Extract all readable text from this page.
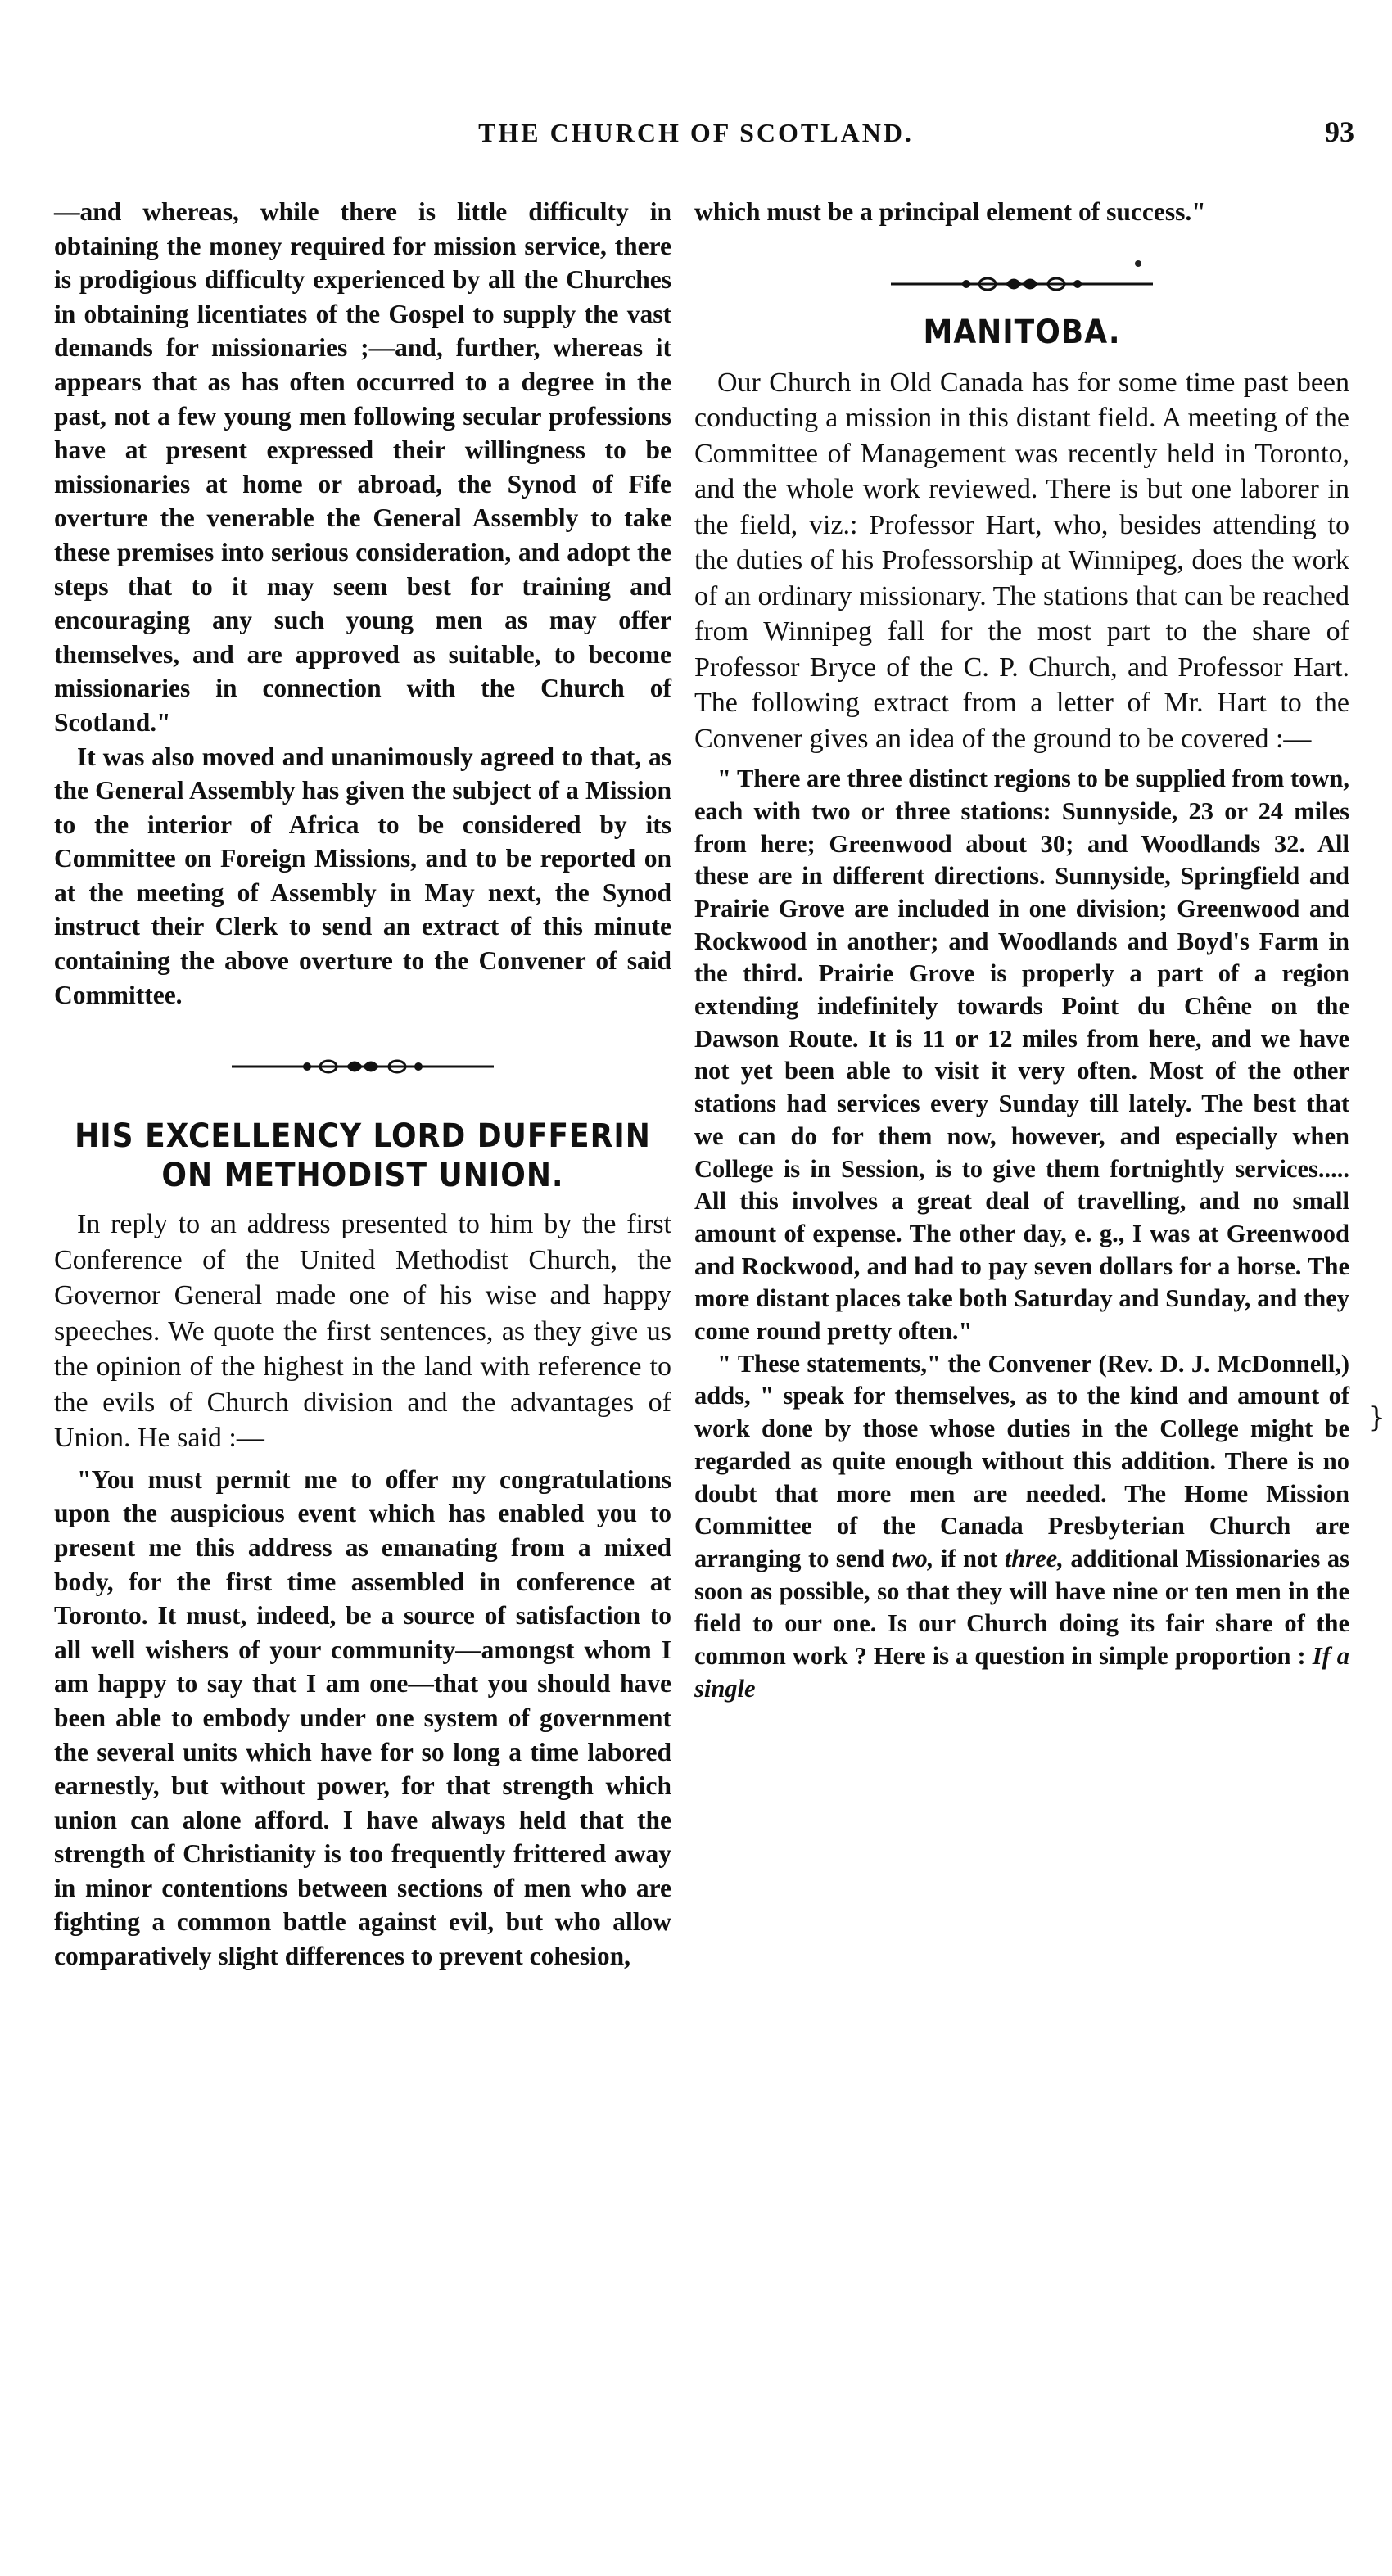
THE CHURCH OF SCOTLAND.	93

—and whereas, while there is little difficulty in obtaining the money required for mission service, there is prodigious difficulty experienced by all the Churches in obtaining licentiates of the Gospel to supply the vast demands for missionaries ;—and, further, whereas it appears that as has often occurred to a degree in the past, not a few young men following secular professions have at present expressed their willingness to be missionaries at home or abroad, the Synod of Fife overture the venerable the General Assembly to take these premises into serious consideration, and adopt the steps that to it may seem best for training and encouraging any such young men as may offer themselves, and are approved as suitable, to become missionaries in connection with the Church of Scotland."

It was also moved and unanimously agreed to that, as the General Assembly has given the subject of a Mission to the interior of Africa to be considered by its Committee on Foreign Missions, and to be reported on at the meeting of Assembly in May next, the Synod instruct their Clerk to send an extract of this minute containing the above overture to the Convener of said Committee.

HIS EXCELLENCY LORD DUFFERIN ON METHODIST UNION.

In reply to an address presented to him by the first Conference of the United Methodist Church, the Governor General made one of his wise and happy speeches. We quote the first sentences, as they give us the opinion of the highest in the land with reference to the evils of Church division and the advantages of Union. He said :—

"You must permit me to offer my congratulations upon the auspicious event which has enabled you to present me this address as emanating from a mixed body, for the first time assembled in conference at Toronto. It must, indeed, be a source of satisfaction to all well wishers of your community—amongst whom I am happy to say that I am one—that you should have been able to embody under one system of government the several units which have for so long a time labored earnestly, but without power, for that strength which union can alone afford. I have always held that the strength of Christianity is too frequently frittered away in minor contentions between sections of men who are fighting a common battle against evil, but who allow comparatively slight differences to prevent cohesion,

which must be a principal element of success."

MANITOBA.

Our Church in Old Canada has for some time past been conducting a mission in this distant field. A meeting of the Committee of Management was recently held in Toronto, and the whole work reviewed. There is but one laborer in the field, viz.: Professor Hart, who, besides attending to the duties of his Professorship at Winnipeg, does the work of an ordinary missionary. The stations that can be reached from Winnipeg fall for the most part to the share of Professor Bryce of the C. P. Church, and Professor Hart. The following extract from a letter of Mr. Hart to the Convener gives an idea of the ground to be covered :—

" There are three distinct regions to be supplied from town, each with two or three stations: Sunnyside, 23 or 24 miles from here; Greenwood about 30; and Woodlands 32. All these are in different directions. Sunnyside, Springfield and Prairie Grove are included in one division; Greenwood and Rockwood in another; and Woodlands and Boyd's Farm in the third. Prairie Grove is properly a part of a region extending indefinitely towards Point du Chêne on the Dawson Route. It is 11 or 12 miles from here, and we have not yet been able to visit it very often. Most of the other stations had services every Sunday till lately. The best that we can do for them now, however, and especially when College is in Session, is to give them fortnightly services..... All this involves a great deal of travelling, and no small amount of expense. The other day, e. g., I was at Greenwood and Rockwood, and had to pay seven dollars for a horse. The more distant places take both Saturday and Sunday, and they come round pretty often."

" These statements," the Convener (Rev. D. J. McDonnell,) adds, " speak for themselves, as to the kind and amount of work done by those whose duties in the College might be regarded as quite enough without this addition. There is no doubt that more men are needed. The Home Mission Committee of the Canada Presbyterian Church are arranging to send two, if not three, additional Missionaries as soon as possible, so that they will have nine or ten men in the field to our one. Is our Church doing its fair share of the common work ? Here is a question in simple proportion : If a single

}
